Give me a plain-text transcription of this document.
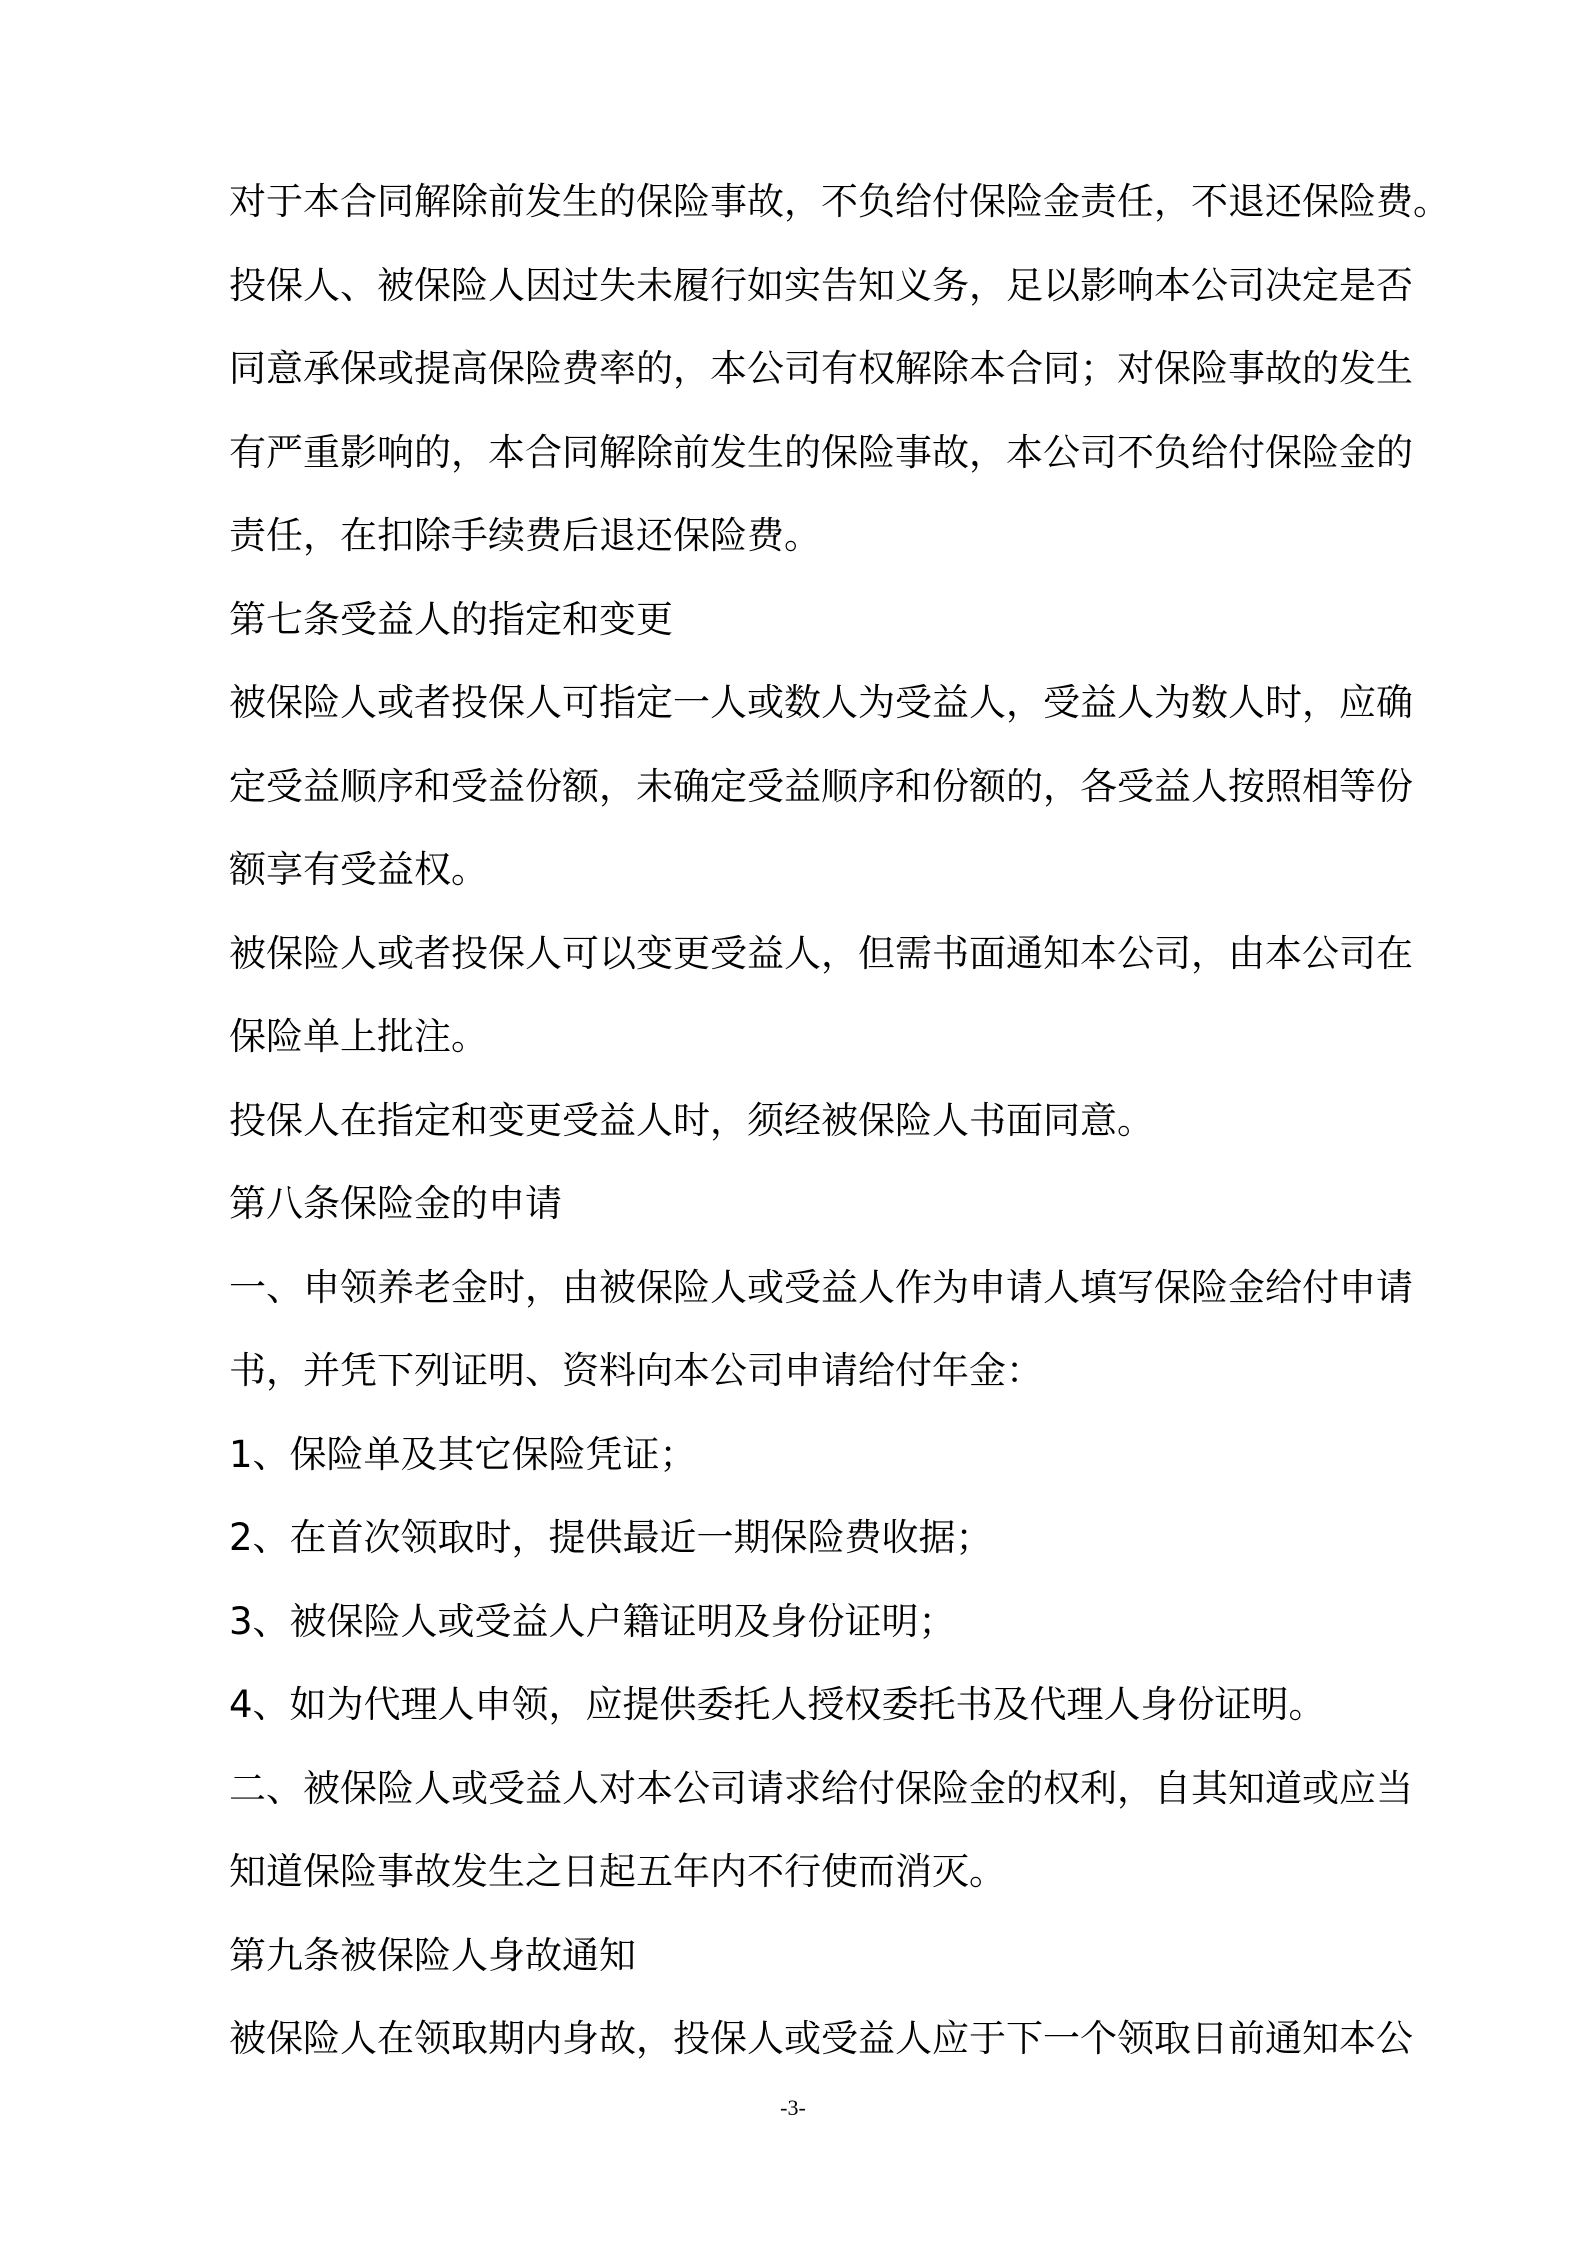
对于本合同解除前发生的保险事故，不负给付保险金责任，不退还保险费。
投保人、被保险人因过失未履行如实告知义务，足以影响本公司决定是否
同意承保或提高保险费率的，本公司有权解除本合同；对保险事故的发生
有严重影响的，本合同解除前发生的保险事故，本公司不负给付保险金的
责任，在扣除手续费后退还保险费。
第七条受益人的指定和变更
被保险人或者投保人可指定一人或数人为受益人，受益人为数人时，应确
定受益顺序和受益份额，未确定受益顺序和份额的，各受益人按照相等份
额享有受益权。
被保险人或者投保人可以变更受益人，但需书面通知本公司，由本公司在
保险单上批注。
投保人在指定和变更受益人时，须经被保险人书面同意。
第八条保险金的申请
一、申领养老金时，由被保险人或受益人作为申请人填写保险金给付申请
书，并凭下列证明、资料向本公司申请给付年金：
1、保险单及其它保险凭证；
2、在首次领取时，提供最近一期保险费收据；
3、被保险人或受益人户籍证明及身份证明；
4、如为代理人申领，应提供委托人授权委托书及代理人身份证明。
二、被保险人或受益人对本公司请求给付保险金的权利，自其知道或应当
知道保险事故发生之日起五年内不行使而消灭。
第九条被保险人身故通知
被保险人在领取期内身故，投保人或受益人应于下一个领取日前通知本公
-3-
